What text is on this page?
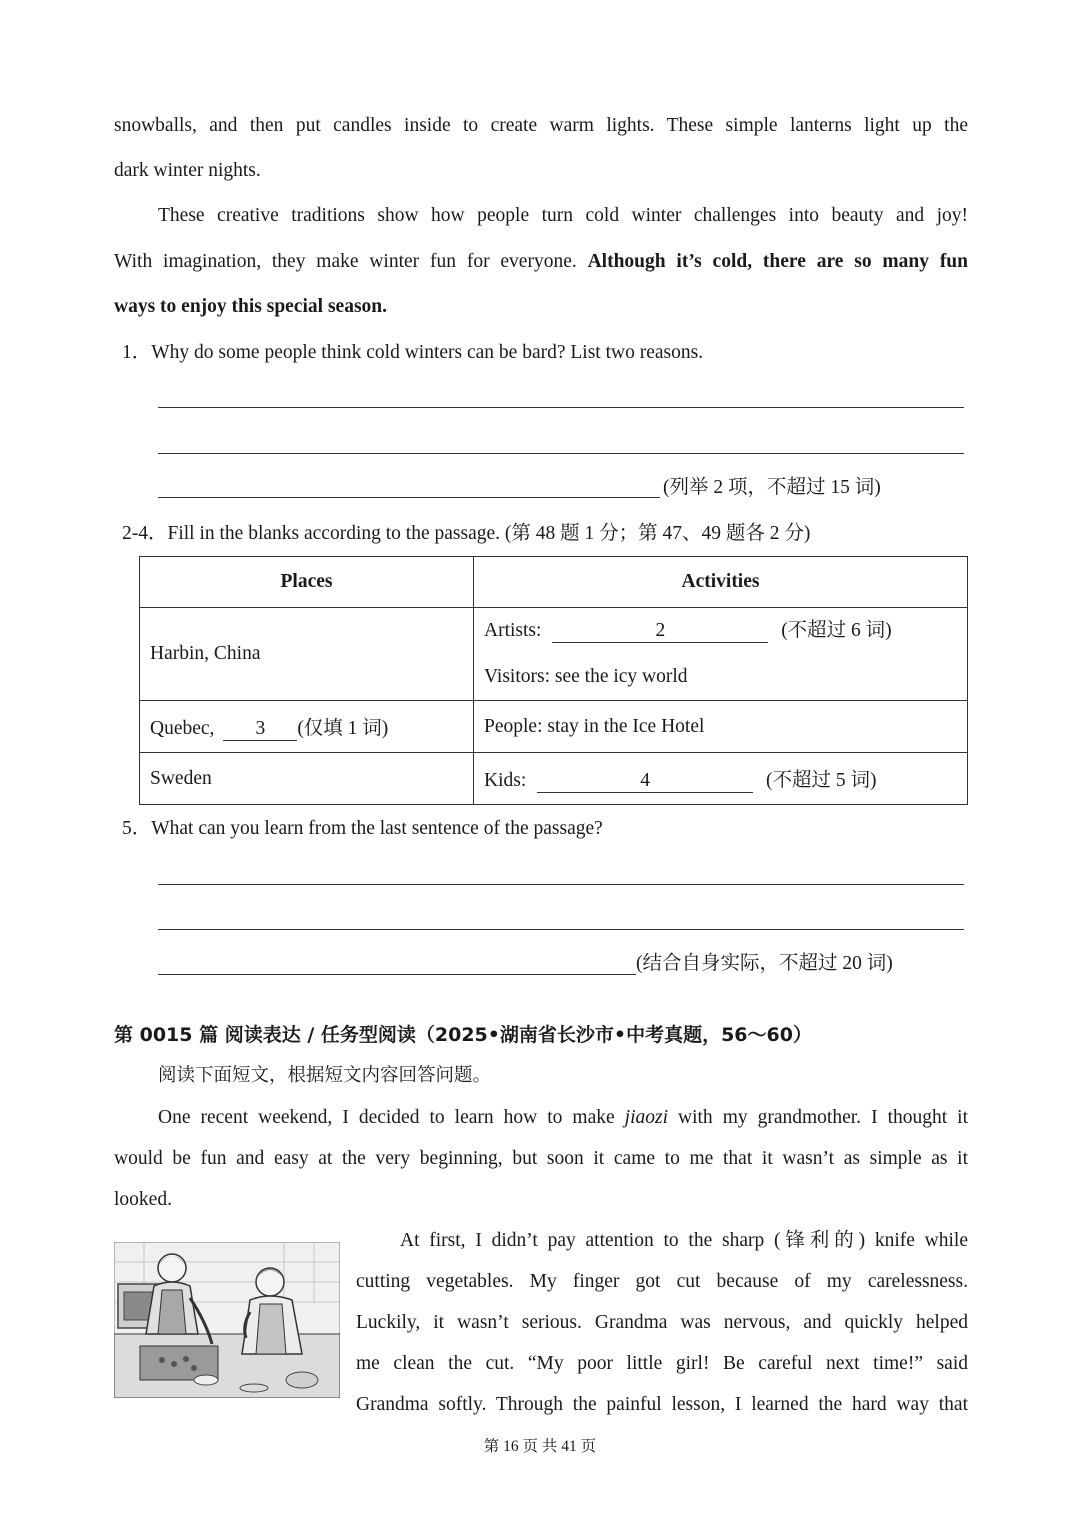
snowballs, and then put candles inside to create warm lights. These simple lanterns light up the
dark winter nights.
These creative traditions show how people turn cold winter challenges into beauty and joy!
With imagination, they make winter fun for everyone. Although it’s cold, there are so many fun
ways to enjoy this special season.
1．Why do some people think cold winters can be bard? List two reasons.
(列举 2 项，不超过 15 词)
2-4．Fill in the blanks according to the passage. (第 48 题 1 分；第 47、49 题各 2 分)
Places	Activities
Harbin, China	Artists: 2 (不超过 6 词)
Visitors: see the icy world

Quebec, 3 (仅填 1 词)	People: stay in the Ice Hotel
Sweden	Kids: 4 (不超过 5 词)
5．What can you learn from the last sentence of the passage?
(结合自身实际，不超过 20 词)
第 0015 篇 阅读表达 / 任务型阅读（2025•湖南省长沙市•中考真题，56～60）
阅读下面短文，根据短文内容回答问题。
One recent weekend, I decided to learn how to make jiaozi with my grandmother. I thought it
would be fun and easy at the very beginning, but soon it came to me that it wasn’t as simple as it
looked.
At first, I didn’t pay attention to the sharp (锋利的) knife while
cutting vegetables. My finger got cut because of my carelessness.
Luckily, it wasn’t serious. Grandma was nervous, and quickly helped
me clean the cut. “My poor little girl! Be careful next time!” said
Grandma softly. Through the painful lesson, I learned the hard way that
第 16 页 共 41 页
